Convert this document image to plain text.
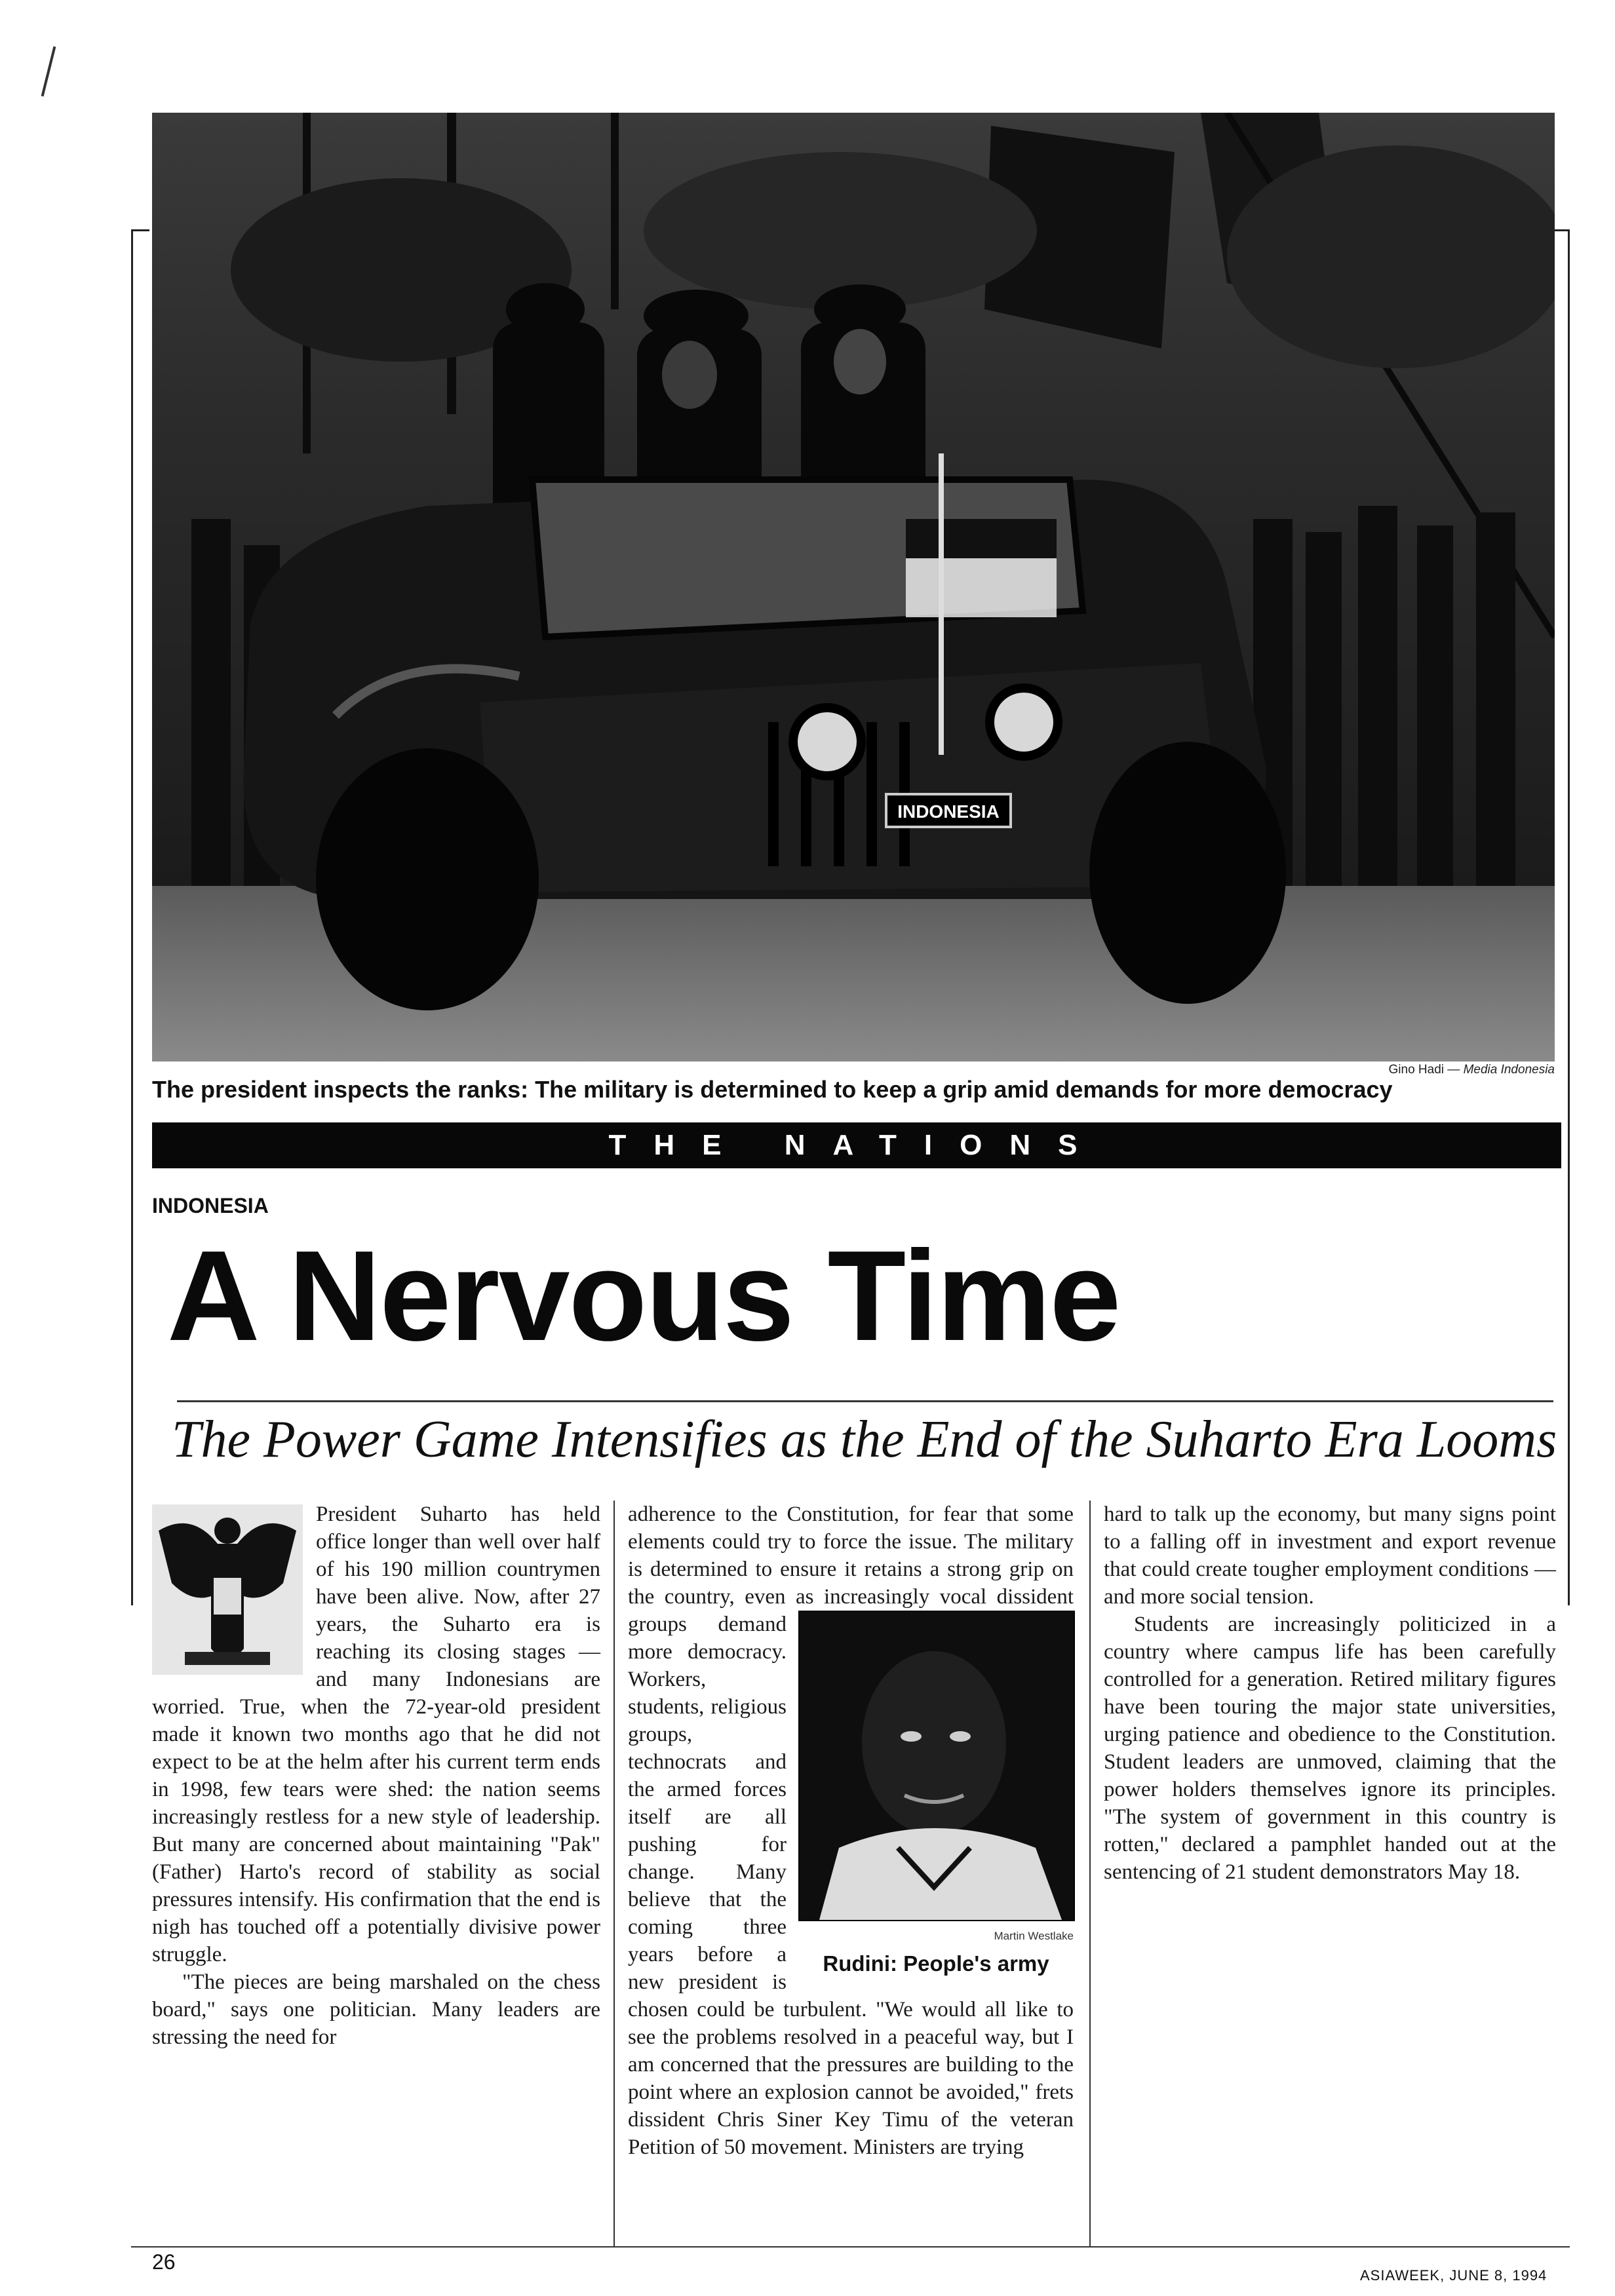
INDONESIA
Gino Hadi — Media Indonesia
The president inspects the ranks: The military is determined to keep a grip amid demands for more democracy
THE NATIONS
INDONESIA
A Nervous Time
The Power Game Intensifies as the End of the Suharto Era Looms

President Suharto has held office longer than well over half of his 190 million countrymen have been alive. Now, after 27 years, the Suharto era is reaching its closing stages — and many Indonesians are worried. True, when the 72-year-old president made it known two months ago that he did not expect to be at the helm after his current term ends in 1998, few tears were shed: the nation seems increasingly restless for a new style of leadership. But many are concerned about maintaining "Pak" (Father) Harto's record of stability as social pressures intensify. His confirmation that the end is nigh has touched off a potentially divisive power struggle.

"The pieces are being marshaled on the chess board," says one politician. Many leaders are stressing the need for

Martin Westlake
Rudini: People's army

adherence to the Constitution, for fear that some elements could try to force the issue. The military is determined to ensure it retains a strong grip on the country, even as increasingly vocal dissident groups demand more democracy. Workers, students, religious groups, technocrats and the armed forces itself are all pushing for change. Many believe that the coming three years before a new president is chosen could be turbulent. "We would all like to see the problems resolved in a peaceful way, but I am concerned that the pressures are building to the point where an explosion cannot be avoided," frets dissident Chris Siner Key Timu of the veteran Petition of 50 movement. Ministers are trying

hard to talk up the economy, but many signs point to a falling off in investment and export revenue that could create tougher employment conditions — and more social tension.

Students are increasingly politicized in a country where campus life has been carefully controlled for a generation. Retired military figures have been touring the major state universities, urging patience and obedience to the Constitution. Student leaders are unmoved, claiming that the power holders themselves ignore its principles. "The system of government in this country is rotten," declared a pamphlet handed out at the sentencing of 21 student demonstrators May 18.

26
ASIAWEEK, JUNE 8, 1994
